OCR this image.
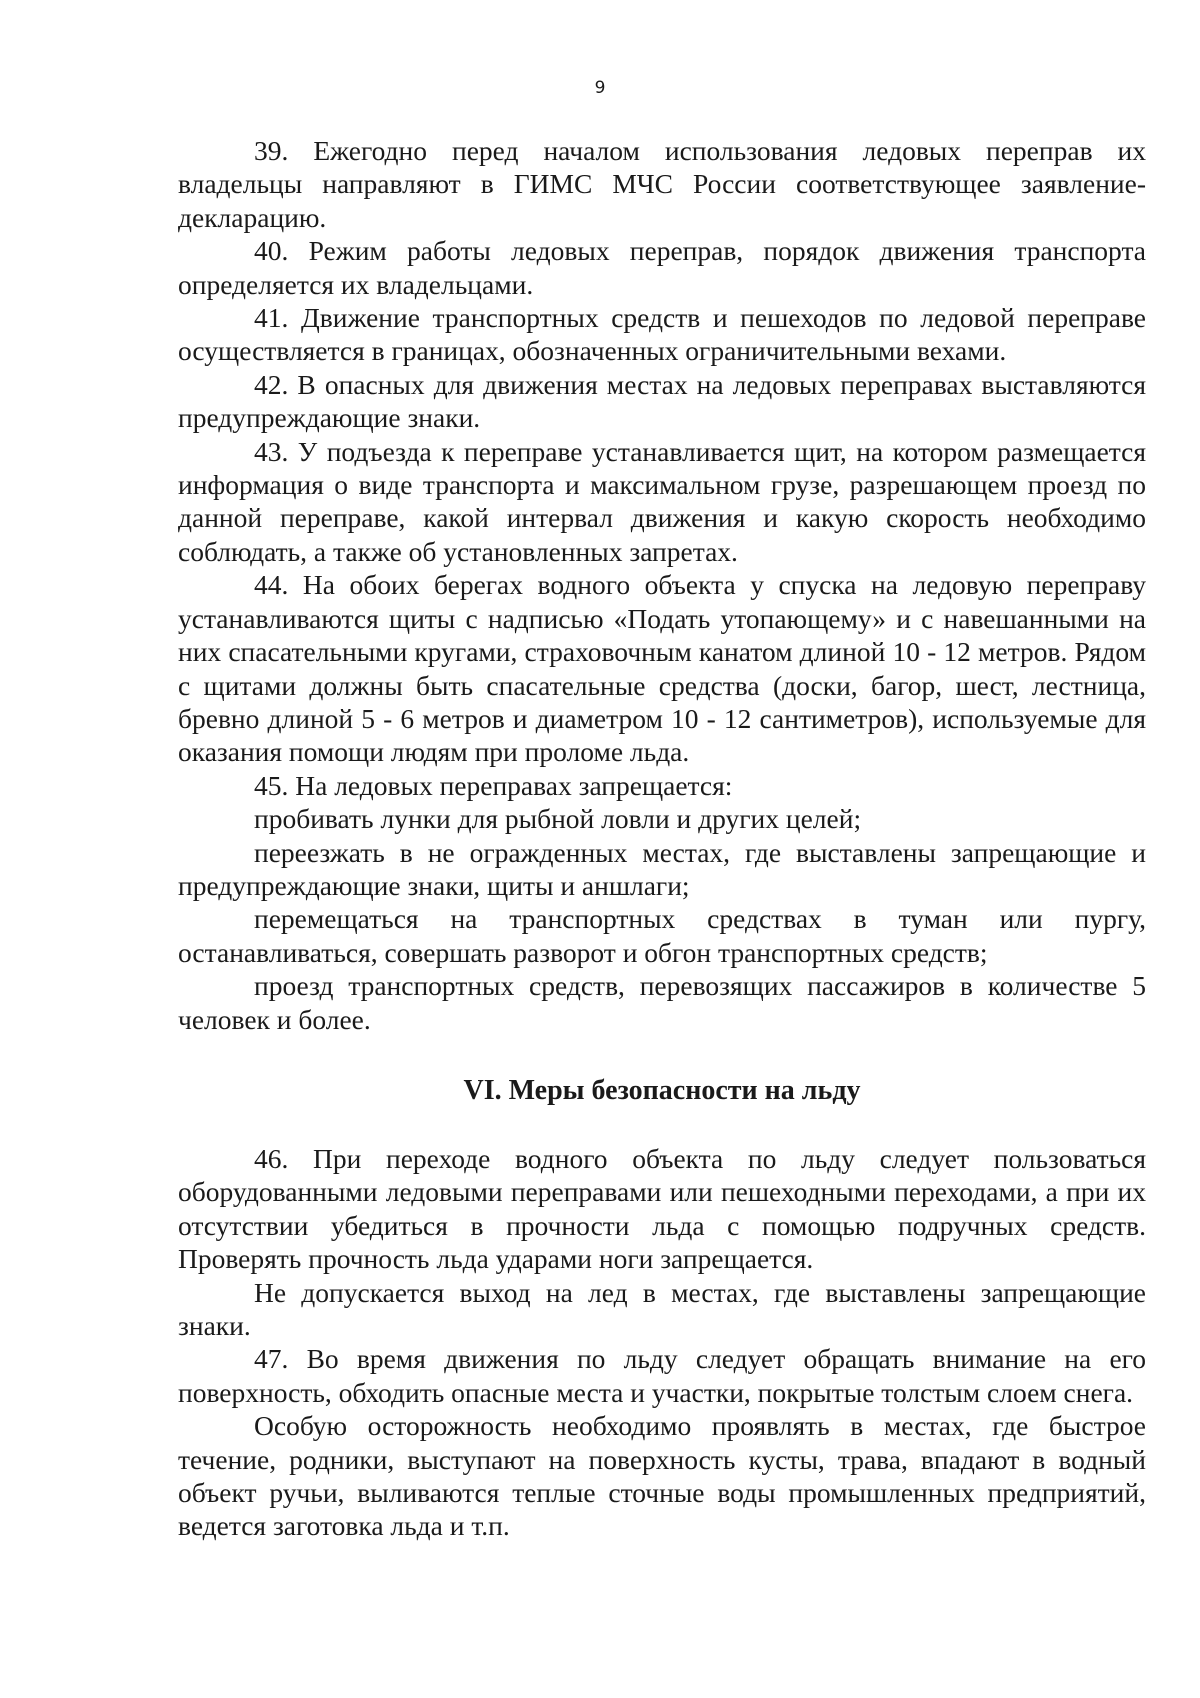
9

39. Ежегодно перед началом использования ледовых переправ их владельцы направляют в ГИМС МЧС России соответствующее заявление-декларацию.

40. Режим работы ледовых переправ, порядок движения транспорта определяется их владельцами.

41. Движение транспортных средств и пешеходов по ледовой переправе осуществляется в границах, обозначенных ограничительными вехами.

42. В опасных для движения местах на ледовых переправах выставляются предупреждающие знаки.

43. У подъезда к переправе устанавливается щит, на котором размещается информация о виде транспорта и максимальном грузе, разрешающем проезд по данной переправе, какой интервал движения и какую скорость необходимо соблюдать, а также об установленных запретах.

44. На обоих берегах водного объекта у спуска на ледовую переправу устанавливаются щиты с надписью «Подать утопающему» и с навешанными на них спасательными кругами, страховочным канатом длиной 10 - 12 метров. Рядом с щитами должны быть спасательные средства (доски, багор, шест, лестница, бревно длиной 5 - 6 метров и диаметром 10 - 12 сантиметров), используемые для оказания помощи людям при проломе льда.

45. На ледовых переправах запрещается:

пробивать лунки для рыбной ловли и других целей;

переезжать в не огражденных местах, где выставлены запрещающие и предупреждающие знаки, щиты и аншлаги;

перемещаться на транспортных средствах в туман или пургу, останавливаться, совершать разворот и обгон транспортных средств;

проезд транспортных средств, перевозящих пассажиров в количестве 5 человек и более.

VI. Меры безопасности на льду

46. При переходе водного объекта по льду следует пользоваться оборудованными ледовыми переправами или пешеходными переходами, а при их отсутствии убедиться в прочности льда с помощью подручных средств. Проверять прочность льда ударами ноги запрещается.

Не допускается выход на лед в местах, где выставлены запрещающие знаки.

47. Во время движения по льду следует обращать внимание на его поверхность, обходить опасные места и участки, покрытые толстым слоем снега.

Особую осторожность необходимо проявлять в местах, где быстрое течение, родники, выступают на поверхность кусты, трава, впадают в водный объект ручьи, выливаются теплые сточные воды промышленных предприятий, ведется заготовка льда и т.п.
